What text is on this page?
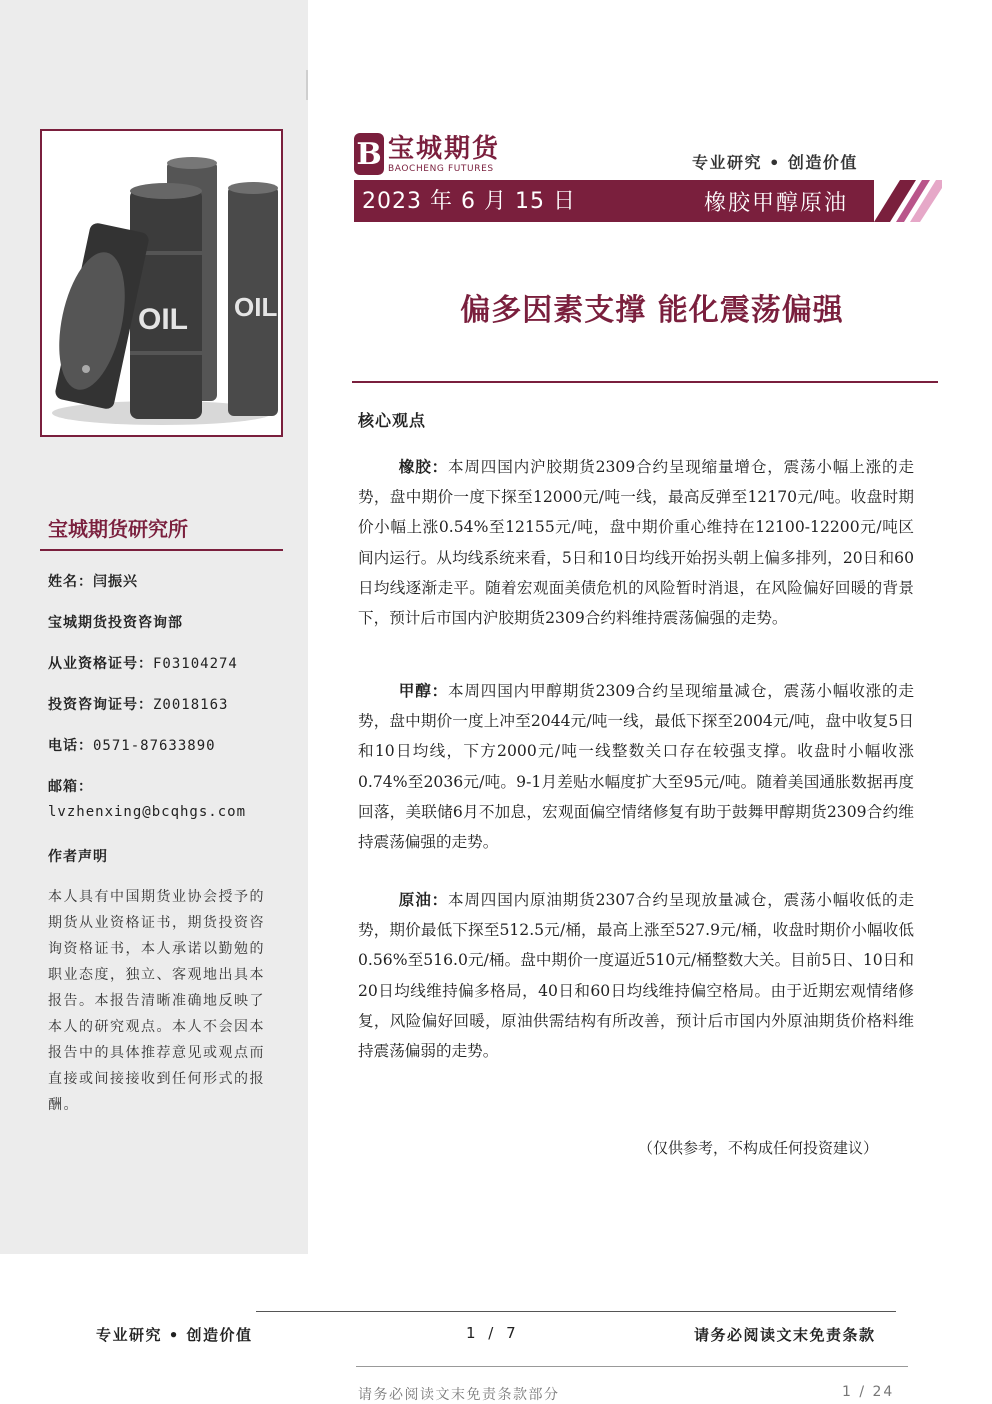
OIL OIL
宝城期货研究所
姓名：闫振兴
宝城期货投资咨询部
从业资格证号：F03104274
投资咨询证号：Z0018163
电话：0571-87633890
邮箱：
lvzhenxing@bcqhgs.com
作者声明
本人具有中国期货业协会授予的期货从业资格证书，期货投资咨询资格证书，本人承诺以勤勉的职业态度，独立、客观地出具本报告。本报告清晰准确地反映了本人的研究观点。本人不会因本报告中的具体推荐意见或观点而直接或间接接收到任何形式的报酬。
B 宝城期货
BAOCHENG FUTURES	专业研究 • 创造价值
2023 年 6 月 15 日	橡胶甲醇原油
偏多因素支撑 能化震荡偏强
核心观点
橡胶：本周四国内沪胶期货2309合约呈现缩量增仓，震荡小幅上涨的走势，盘中期价一度下探至12000元/吨一线，最高反弹至12170元/吨。收盘时期价小幅上涨0.54%至12155元/吨，盘中期价重心维持在12100-12200元/吨区间内运行。从均线系统来看，5日和10日均线开始拐头朝上偏多排列，20日和60日均线逐渐走平。随着宏观面美债危机的风险暂时消退，在风险偏好回暖的背景下，预计后市国内沪胶期货2309合约料维持震荡偏强的走势。
甲醇：本周四国内甲醇期货2309合约呈现缩量减仓，震荡小幅收涨的走势，盘中期价一度上冲至2044元/吨一线，最低下探至2004元/吨，盘中收复5日和10日均线，下方2000元/吨一线整数关口存在较强支撑。收盘时小幅收涨0.74%至2036元/吨。9-1月差贴水幅度扩大至95元/吨。随着美国通胀数据再度回落，美联储6月不加息，宏观面偏空情绪修复有助于鼓舞甲醇期货2309合约维持震荡偏强的走势。
原油：本周四国内原油期货2307合约呈现放量减仓，震荡小幅收低的走势，期价最低下探至512.5元/桶，最高上涨至527.9元/桶，收盘时期价小幅收低0.56%至516.0元/桶。盘中期价一度逼近510元/桶整数大关。目前5日、10日和20日均线维持偏多格局，40日和60日均线维持偏空格局。由于近期宏观情绪修复，风险偏好回暖，原油供需结构有所改善，预计后市国内外原油期货价格料维持震荡偏弱的走势。
（仅供参考，不构成任何投资建议）
专业研究 • 创造价值	1 / 7	请务必阅读文末免责条款
请务必阅读文末免责条款部分	1 / 24
